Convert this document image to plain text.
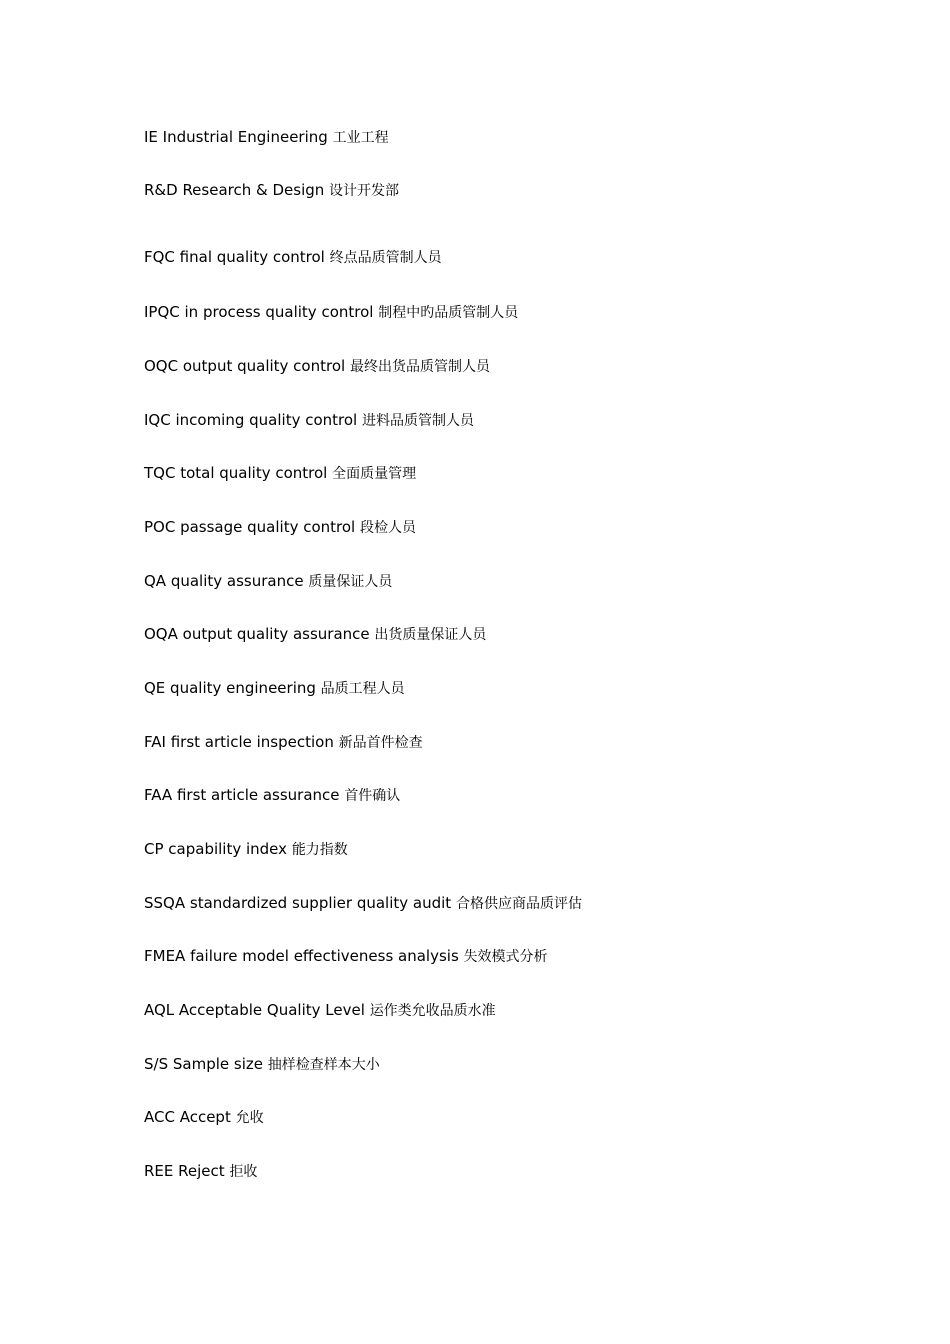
IE Industrial Engineering 工业工程
R&D Research & Design 设计开发部
FQC final quality control 终点品质管制人员
IPQC in process quality control 制程中旳品质管制人员
OQC output quality control 最终出货品质管制人员
IQC incoming quality control 进料品质管制人员
TQC total quality control 全面质量管理
POC passage quality control 段检人员
QA quality assurance 质量保证人员
OQA output quality assurance 出货质量保证人员
QE quality engineering 品质工程人员
FAI first article inspection 新品首件检查
FAA first article assurance 首件确认
CP capability index 能力指数
SSQA standardized supplier quality audit 合格供应商品质评估
FMEA failure model effectiveness analysis 失效模式分析
AQL Acceptable Quality Level 运作类允收品质水准
S/S Sample size 抽样检查样本大小
ACC Accept 允收
REE Reject 拒收
